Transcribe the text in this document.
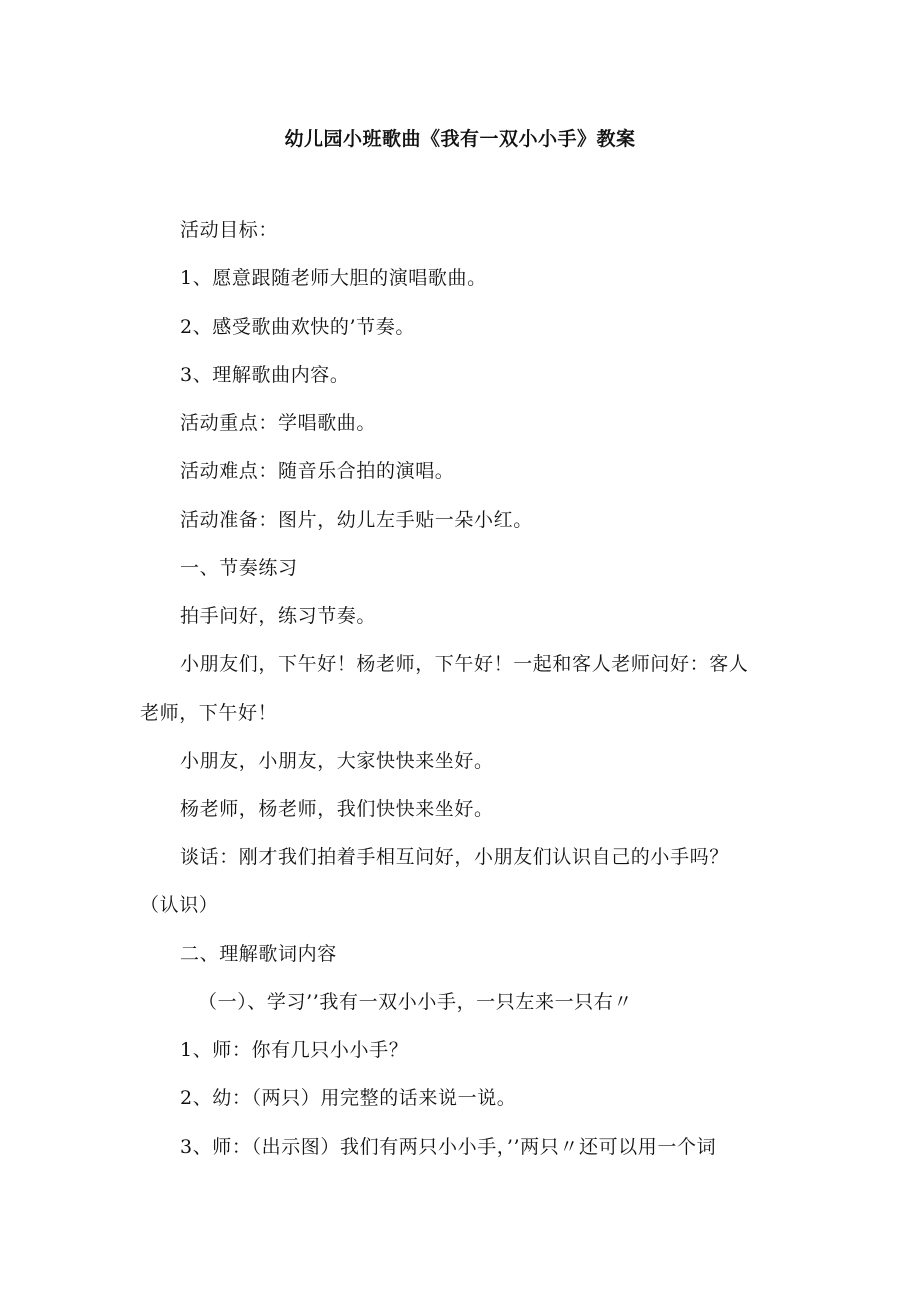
幼儿园小班歌曲《我有一双小小手》教案
活动目标：
1、愿意跟随老师大胆的演唱歌曲。
2、感受歌曲欢快的’节奏。
3、理解歌曲内容。
活动重点：学唱歌曲。
活动难点：随音乐合拍的演唱。
活动准备：图片，幼儿左手贴一朵小红。
一、节奏练习
拍手问好，练习节奏。
小朋友们，下午好！杨老师，下午好！一起和客人老师问好：客人
老师，下午好！
小朋友，小朋友，大家快快来坐好。
杨老师，杨老师，我们快快来坐好。
谈话：刚才我们拍着手相互问好，小朋友们认识自己的小手吗？
（认识）
二、理解歌词内容
（一）、学习’’我有一双小小手，一只左来一只右〃
1、师：你有几只小小手？
2、幼：（两只）用完整的话来说一说。
3、师：（出示图）我们有两只小小手，’’两只〃还可以用一个词
